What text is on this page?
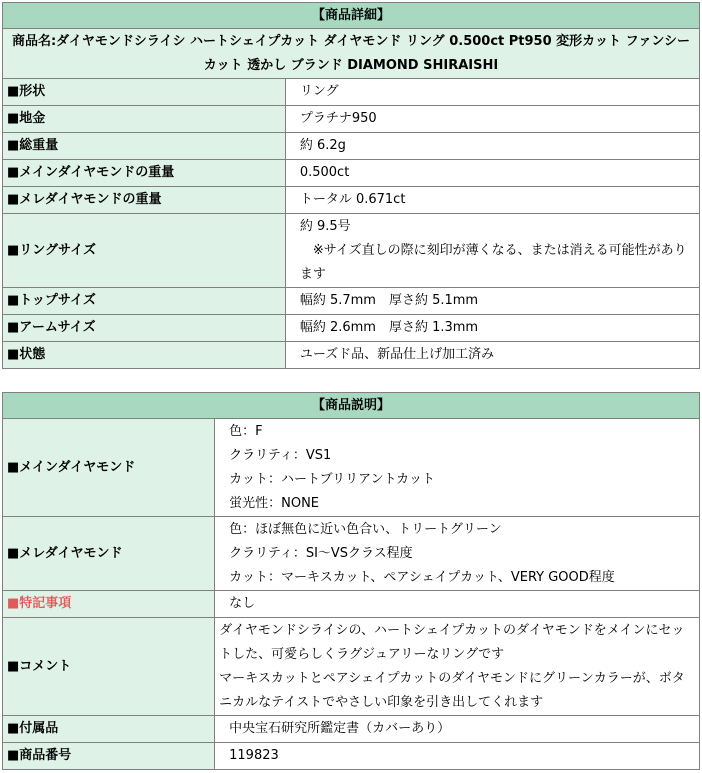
【商品詳細】	
商品名:ダイヤモンドシライシ ハートシェイプカット ダイヤモンド リング 0.500ct Pt950 変形カット ファンシーカット 透かし ブランド DIAMOND SHIRAISHI	
■形状	リング
■地金	プラチナ950
■総重量	約 6.2g
■メインダイヤモンドの重量	0.500ct
■メレダイヤモンドの重量	トータル 0.671ct
■リングサイズ	約 9.5号
　※サイズ直しの際に刻印が薄くなる、または消える可能性があります

■トップサイズ	幅約 5.7mm　厚さ約 5.1mm
■アームサイズ	幅約 2.6mm　厚さ約 1.3mm
■状態	ユーズド品、新品仕上げ加工済み
【商品説明】	
■メインダイヤモンド	色：F
クラリティ：VS1
カット：ハートブリリアントカット
蛍光性：NONE

■メレダイヤモンド	色：ほぼ無色に近い色合い、トリートグリーン
クラリティ：SI～VSクラス程度
カット：マーキスカット、ペアシェイプカット、VERY GOOD程度

■特記事項	なし
■コメント	ダイヤモンドシライシの、ハートシェイプカットのダイヤモンドをメインにセットした、可愛らしくラグジュアリーなリングです
マーキスカットとペアシェイプカットのダイヤモンドにグリーンカラーが、ボタニカルなテイストでやさしい印象を引き出してくれます

■付属品	中央宝石研究所鑑定書（カバーあり）
■商品番号	119823
